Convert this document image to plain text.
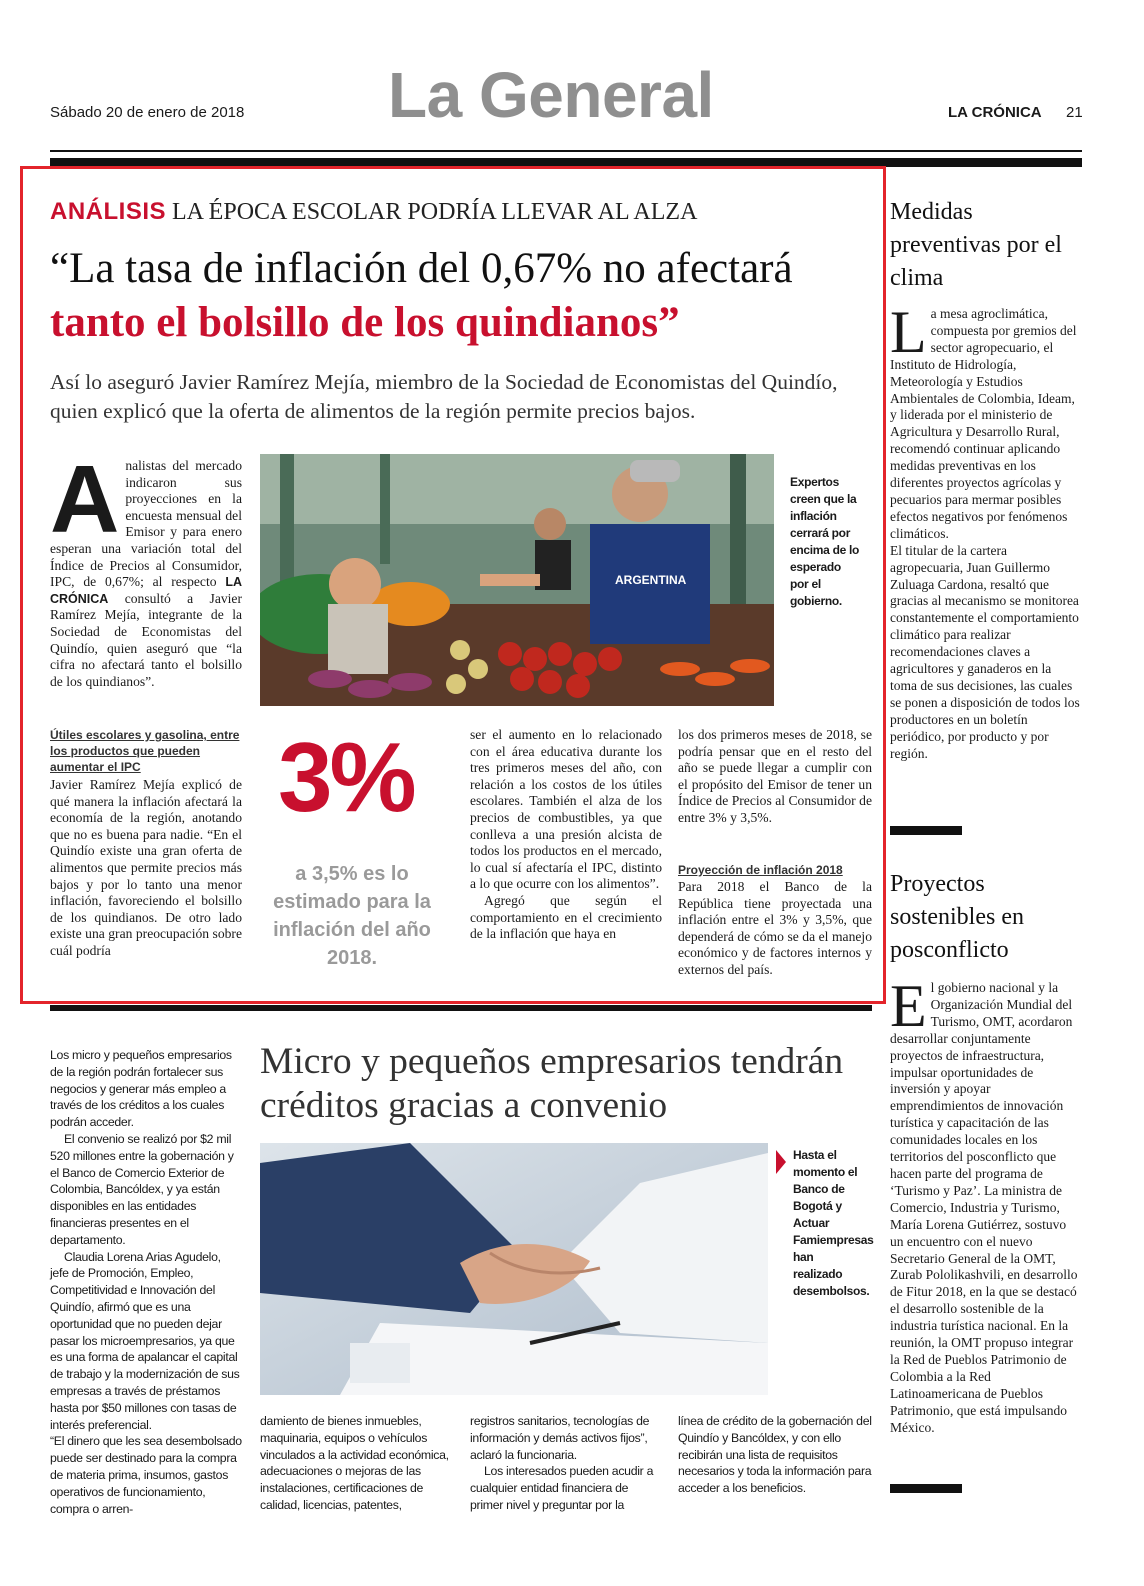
Sábado 20 de enero de 2018 La General	LA CRÓNICA 21
ANÁLISIS LA ÉPOCA ESCOLAR PODRÍA LLEVAR AL ALZA
“La tasa de inflación del 0,67% no afectará
tanto el bolsillo de los quindianos”
Así lo aseguró Javier Ramírez Mejía, miembro de la Sociedad de Economistas del Quindío, quien explicó que la oferta de alimentos de la región permite precios bajos.
Analistas del mercado indicaron sus proyecciones en la encuesta mensual del Emisor y para enero esperan una variación total del Índice de Precios al Consumidor, IPC, de 0,67%; al respecto LA CRÓNICA consultó a Javier Ramírez Mejía, integrante de la Sociedad de Economistas del Quindío, quien aseguró que “la cifra no afectará tanto el bolsillo de los quindianos”.
ARGENTINA
Expertos creen que la inflación cerrará por encima de lo esperado por el gobierno.
Útiles escolares y gasolina, entre los productos que pueden aumentar el IPC
Javier Ramírez Mejía explicó de qué manera la inflación afectará la economía de la región, anotando que no es buena para nadie. “En el Quindío existe una gran oferta de alimentos que permite precios más bajos y por lo tanto una menor inflación, favoreciendo el bolsillo de los quindianos. De otro lado existe una gran preocupación sobre cuál podría
3%
a 3,5% es lo estimado para la inflación del año 2018.

ser el aumento en lo relacionado con el área educativa durante los tres primeros meses del año, con relación a los costos de los útiles escolares. También el alza de los precios de combustibles, ya que conlleva a una presión alcista de todos los productos en el mercado, lo cual sí afectaría el IPC, distinto a lo que ocurre con los alimentos”.

Agregó que según el comportamiento en el crecimiento de la inflación que haya en

los dos primeros meses de 2018, se podría pensar que en el resto del año se puede llegar a cumplir con el propósito del Emisor de tener un Índice de Precios al Consumidor de entre 3% y 3,5%.
Proyección de inflación 2018
Para 2018 el Banco de la República tiene proyectada una inflación entre el 3% y 3,5%, que dependerá de cómo se da el manejo económico y de factores internos y externos del país.

Los micro y pequeños empresarios de la región podrán fortalecer sus negocios y generar más empleo a través de los créditos a los cuales podrán acceder.

El convenio se realizó por $2 mil 520 millones entre la gobernación y el Banco de Comercio Exterior de Colombia, Bancóldex, y ya están disponibles en las entidades financieras presentes en el departamento.

Claudia Lorena Arias Agudelo, jefe de Promoción, Empleo, Competitividad e Innovación del Quindío, afirmó que es una oportunidad que no pueden dejar pasar los microempresarios, ya que es una forma de apalancar el capital de trabajo y la modernización de sus empresas a través de préstamos hasta por $50 millones con tasas de interés preferencial.

“El dinero que les sea desembolsado puede ser destinado para la compra de materia prima, insumos, gastos operativos de funcionamiento, compra o arren-

Micro y pequeños empresarios tendrán créditos gracias a convenio
Hasta el momento el Banco de Bogotá y Actuar Famiempresas han realizado desembolsos.
damiento de bienes inmuebles, maquinaria, equipos o vehículos vinculados a la actividad económica, adecuaciones o mejoras de las instalaciones, certificaciones de calidad, licencias, patentes,

registros sanitarios, tecnologías de información y demás activos fijos”, aclaró la funcionaria.

Los interesados pueden acudir a cualquier entidad financiera de primer nivel y preguntar por la

línea de crédito de la gobernación del Quindío y Bancóldex, y con ello recibirán una lista de requisitos necesarios y toda la información para acceder a los beneficios.
Medidas preventivas por el clima

La mesa agroclimática, compuesta por gremios del sector agropecuario, el Instituto de Hidrología, Meteorología y Estudios Ambientales de Colombia, Ideam, y liderada por el ministerio de Agricultura y Desarrollo Rural, recomendó continuar aplicando medidas preventivas en los diferentes proyectos agrícolas y pecuarios para mermar posibles efectos negativos por fenómenos climáticos.

El titular de la cartera agropecuaria, Juan Guillermo Zuluaga Cardona, resaltó que gracias al mecanismo se monitorea constantemente el comportamiento climático para realizar recomendaciones claves a agricultores y ganaderos en la toma de sus decisiones, las cuales se ponen a disposición de todos los productores en un boletín periódico, por producto y por región.

Proyectos sostenibles en posconflicto
El gobierno nacional y la Organización Mundial del Turismo, OMT, acordaron desarrollar conjuntamente proyectos de infraestructura, impulsar oportunidades de inversión y apoyar emprendimientos de innovación turística y capacitación de las comunidades locales en los territorios del posconflicto que hacen parte del programa de ‘Turismo y Paz’. La ministra de Comercio, Industria y Turismo, María Lorena Gutiérrez, sostuvo un encuentro con el nuevo Secretario General de la OMT, Zurab Pololikashvili, en desarrollo de Fitur 2018, en la que se destacó el desarrollo sostenible de la industria turística nacional. En la reunión, la OMT propuso integrar la Red de Pueblos Patrimonio de Colombia a la Red Latinoamericana de Pueblos Patrimonio, que está impulsando México.
